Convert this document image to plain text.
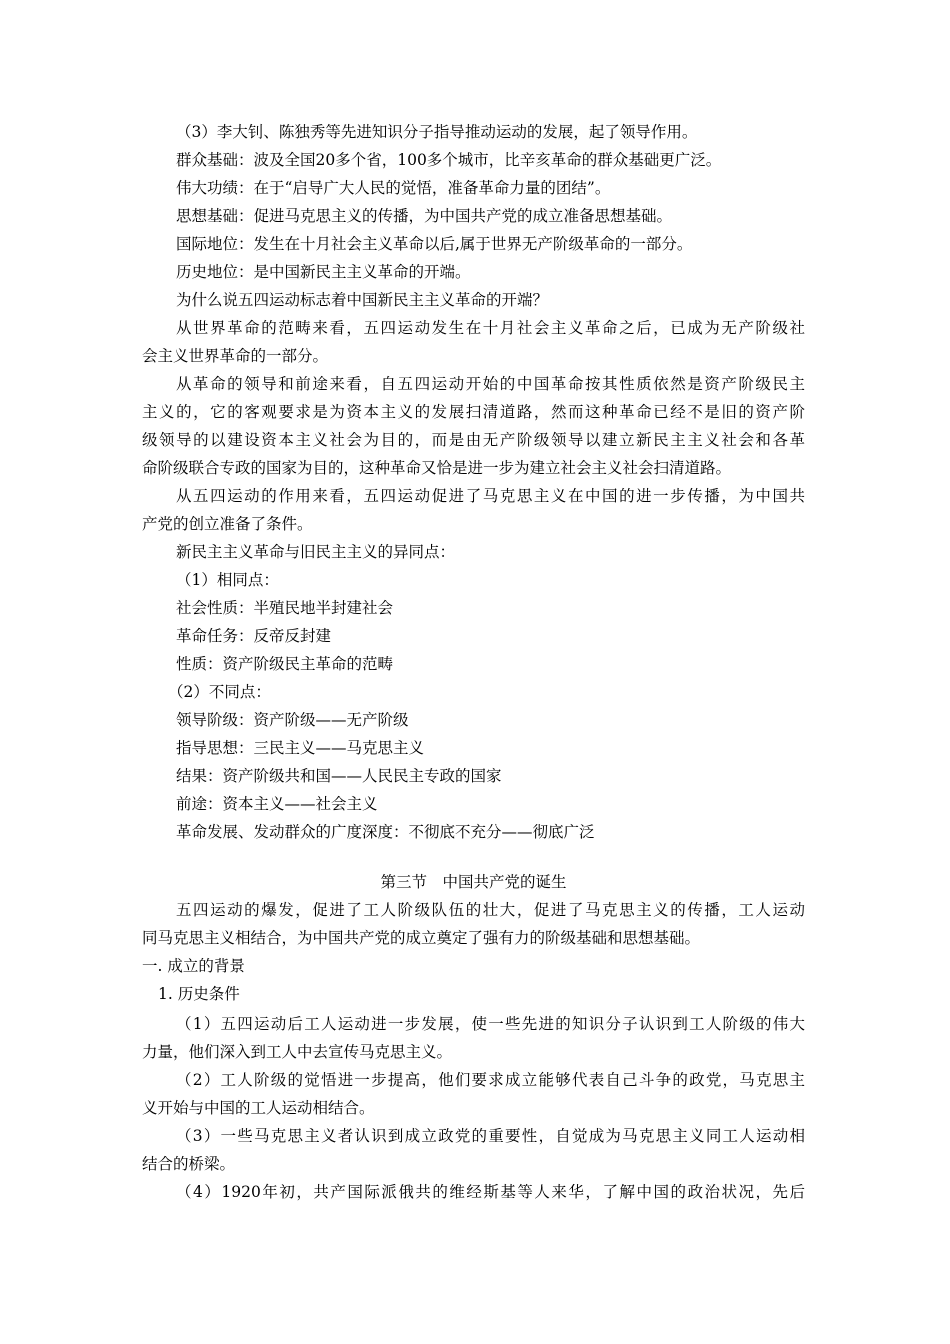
（3）李大钊、陈独秀等先进知识分子指导推动运动的发展，起了领导作用。
群众基础：波及全国20多个省，100多个城市，比辛亥革命的群众基础更广泛。
伟大功绩：在于“启导广大人民的觉悟，准备革命力量的团结”。
思想基础：促进马克思主义的传播，为中国共产党的成立准备思想基础。
国际地位：发生在十月社会主义革命以后,属于世界无产阶级革命的一部分。
历史地位：是中国新民主主义革命的开端。
为什么说五四运动标志着中国新民主主义革命的开端？
从世界革命的范畴来看，五四运动发生在十月社会主义革命之后，已成为无产阶级社
会主义世界革命的一部分。
从革命的领导和前途来看，自五四运动开始的中国革命按其性质依然是资产阶级民主
主义的，它的客观要求是为资本主义的发展扫清道路，然而这种革命已经不是旧的资产阶
级领导的以建设资本主义社会为目的，而是由无产阶级领导以建立新民主主义社会和各革
命阶级联合专政的国家为目的，这种革命又恰是进一步为建立社会主义社会扫清道路。
从五四运动的作用来看，五四运动促进了马克思主义在中国的进一步传播，为中国共
产党的创立准备了条件。
新民主主义革命与旧民主主义的异同点：
（1）相同点：
社会性质：半殖民地半封建社会
革命任务：反帝反封建
性质：资产阶级民主革命的范畴
（2）不同点：
领导阶级：资产阶级——无产阶级
指导思想：三民主义——马克思主义
结果：资产阶级共和国——人民民主专政的国家
前途：资本主义——社会主义
革命发展、发动群众的广度深度：不彻底不充分——彻底广泛
第三节　中国共产党的诞生
五四运动的爆发，促进了工人阶级队伍的壮大，促进了马克思主义的传播，工人运动
同马克思主义相结合，为中国共产党的成立奠定了强有力的阶级基础和思想基础。
一. 成立的背景
1. 历史条件
（1）五四运动后工人运动进一步发展，使一些先进的知识分子认识到工人阶级的伟大
力量，他们深入到工人中去宣传马克思主义。
（2）工人阶级的觉悟进一步提高，他们要求成立能够代表自己斗争的政党，马克思主
义开始与中国的工人运动相结合。
（3）一些马克思主义者认识到成立政党的重要性，自觉成为马克思主义同工人运动相
结合的桥梁。
（4）1920年初，共产国际派俄共的维经斯基等人来华，了解中国的政治状况，先后
